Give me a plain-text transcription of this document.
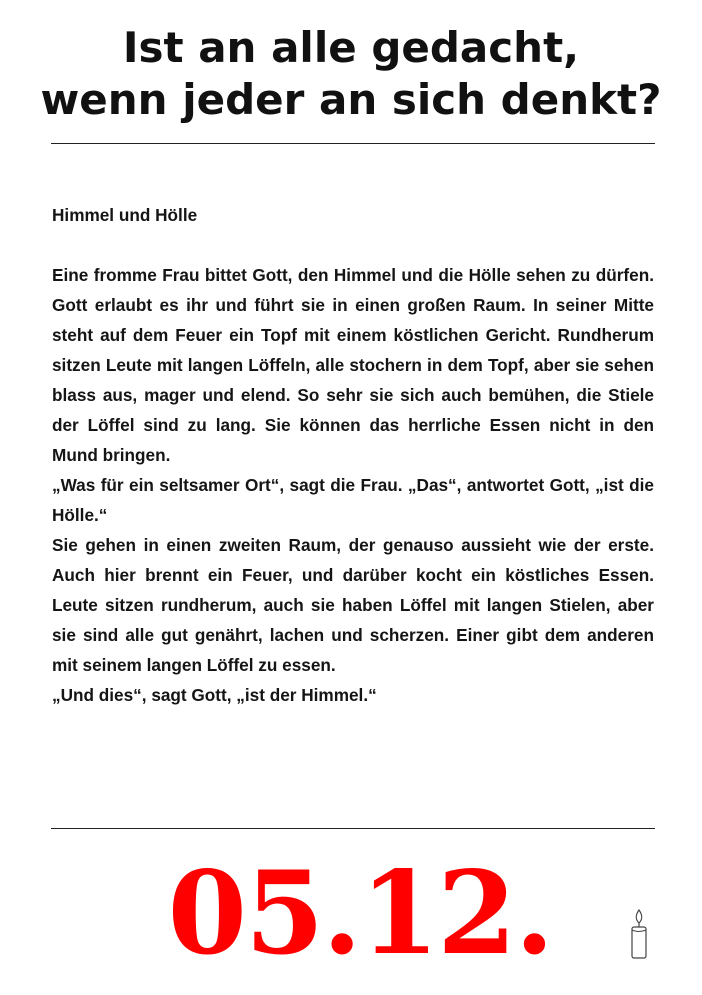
Ist an alle gedacht,
wenn jeder an sich denkt?

Himmel und Hölle

Eine fromme Frau bittet Gott, den Himmel und die Hölle sehen zu dürfen. Gott erlaubt es ihr und führt sie in einen großen Raum. In seiner Mitte steht auf dem Feuer ein Topf mit einem köstlichen Gericht. Rundherum sitzen Leute mit langen Löffeln, alle stochern in dem Topf, aber sie sehen blass aus, mager und elend. So sehr sie sich auch bemühen, die Stiele der Löffel sind zu lang. Sie können das herrliche Essen nicht in den Mund bringen.

„Was für ein seltsamer Ort“, sagt die Frau. „Das“, antwortet Gott, „ist die Hölle.“

Sie gehen in einen zweiten Raum, der genauso aussieht wie der erste. Auch hier brennt ein Feuer, und darüber kocht ein köstliches Essen. Leute sitzen rundherum, auch sie haben Löffel mit langen Stielen, aber sie sind alle gut genährt, lachen und scherzen. Einer gibt dem anderen mit seinem langen Löffel zu essen.

„Und dies“, sagt Gott, „ist der Himmel.“

05.12.
